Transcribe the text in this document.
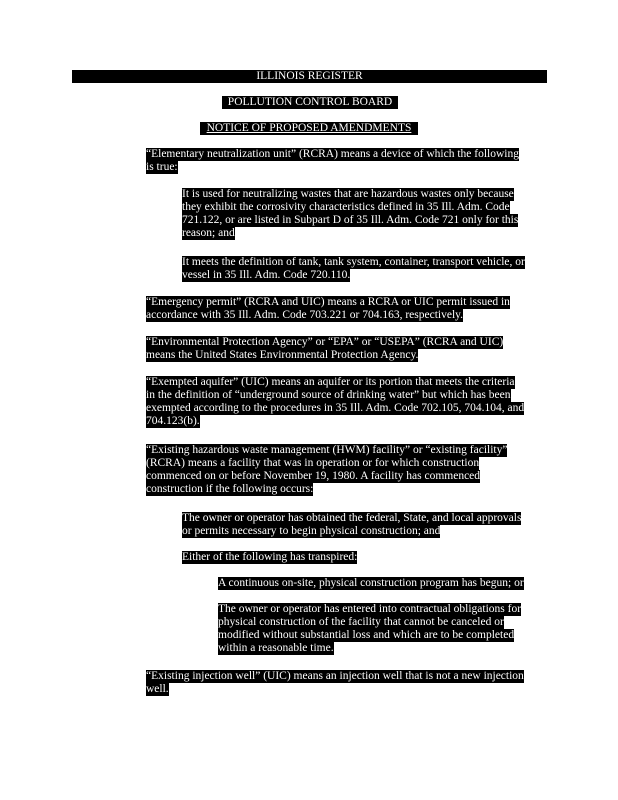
ILLINOIS REGISTER
POLLUTION CONTROL BOARD
NOTICE OF PROPOSED AMENDMENTS
“Elementary neutralization unit” (RCRA) means a device of which the following
is true:
It is used for neutralizing wastes that are hazardous wastes only because
they exhibit the corrosivity characteristics defined in 35 Ill. Adm. Code
721.122, or are listed in Subpart D of 35 Ill. Adm. Code 721 only for this
reason; and
It meets the definition of tank, tank system, container, transport vehicle, or
vessel in 35 Ill. Adm. Code 720.110.
“Emergency permit” (RCRA and UIC) means a RCRA or UIC permit issued in
accordance with 35 Ill. Adm. Code 703.221 or 704.163, respectively.
“Environmental Protection Agency” or “EPA” or “USEPA” (RCRA and UIC)
means the United States Environmental Protection Agency.
“Exempted aquifer” (UIC) means an aquifer or its portion that meets the criteria
in the definition of “underground source of drinking water” but which has been
exempted according to the procedures in 35 Ill. Adm. Code 702.105, 704.104, and
704.123(b).
“Existing hazardous waste management (HWM) facility” or “existing facility”
(RCRA) means a facility that was in operation or for which construction
commenced on or before November 19, 1980. A facility has commenced
construction if the following occurs:
The owner or operator has obtained the federal, State, and local approvals
or permits necessary to begin physical construction; and
Either of the following has transpired:
A continuous on-site, physical construction program has begun; or
The owner or operator has entered into contractual obligations for
physical construction of the facility that cannot be canceled or
modified without substantial loss and which are to be completed
within a reasonable time.
“Existing injection well” (UIC) means an injection well that is not a new injection
well.
